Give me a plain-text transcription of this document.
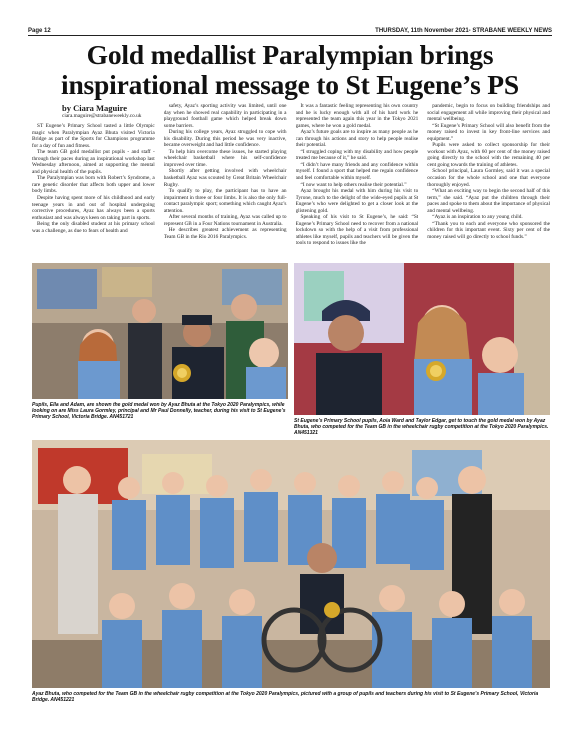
Page 12	THURSDAY, 11th November 2021- STRABANE WEEKLY NEWS
Gold medallist Paralympian brings
inspirational message to St Eugene’s PS
by Ciara Maguire
ciara.maguire@strabaneweekly.co.uk

ST Eugene’s Primary School tasted a little Olympic magic when Paralympian Ayaz Bhuta visited Victoria Bridge as part of the Sports for Champions programme for a day of fun and fitness.

The team GB gold medallist put pupils - and staff - through their paces during an inspirational workshop last Wednesday afternoon, aimed at supporting the mental and physical health of the pupils.

The Paralympian was born with Robert’s Syndrome, a rare genetic disorder that affects both upper and lower body limbs.

Despite having spent more of his childhood and early teenage years in and out of hospital undergoing corrective procedures, Ayaz has always been a sports enthusiast and was always keen on taking part in sports.

Being the only disabled student at his primary school was a challenge, as due to fears of health and

safety, Ayaz’s sporting activity was limited, until one day when he showed real capability in participating in a playground football game which helped break down some barriers.

During his college years, Ayaz struggled to cope with his disability. During this period he was very inactive, became overweight and had little confidence.

To help him overcome these issues, he started playing wheelchair basketball where his self-confidence improved over time.

Shortly after getting involved with wheelchair basketball Ayaz was scouted by Great Britain Wheelchair Rugby.

To qualify to play, the participant has to have an impairment in three or four limbs. It is also the only full-contact paralympic sport; something which caught Ayaz’s attention.

After several months of training, Ayaz was called up to represent GB in a Four Nations tournament in Australia.

He describes greatest achievement as representing Team GB in the Rio 2016 Paralympics.

It was a fantastic feeling representing his own country and he is lucky enough with all of his hard work he represented the team again this year in the Tokyo 2021 games, where he won a gold medal.

Ayaz’s future goals are to inspire as many people as he can through his actions and story to help people realise their potential.

“I struggled coping with my disability and how people treated me because of it,” he said.

“I didn’t have many friends and any confidence within myself. I found a sport that helped me regain confidence and feel comfortable within myself.

“I now want to help others realise their potential.”

Ayaz brought his medal with him during his visit to Tyrone, much to the delight of the wide-eyed pupils at St Eugene’s who were delighted to get a closer look at the glistening gold.

Speaking of his visit to St Eugene’s, he said: “St Eugene’s Primary School need to recover from a national lockdown so with the help of a visit from professional athletes like myself, pupils and teachers will be given the tools to respond to issues like the

pandemic, begin to focus on building friendships and social engagement all while improving their physical and mental wellbeing.

“St Eugene’s Primary School will also benefit from the money raised to invest in key front-line services and equipment.”

Pupils were asked to collect sponsorship for their workout with Ayaz, with 60 per cent of the money raised going directly to the school with the remaining 40 per cent going towards the training of athletes.

School principal, Laura Gormley, said it was a special occasion for the whole school and one that everyone thoroughly enjoyed.

“What an exciting way to begin the second half of this term,” she said. “Ayaz put the children through their paces and spoke to them about the importance of physical and mental wellbeing.

“Ayaz is an inspiration to any young child.

“Thank you to each and everyone who sponsored the children for this important event. Sixty per cent of the money raised will go directly to school funds.”

Pupils, Ella and Adam, are shown the gold medal won by Ayaz Bhuta at the Tokyo 2020 Paralympics, while looking on are Miss Laura Gormley, principal and Mr Paul Donnelly, teacher, during his visit to St Eugene’s Primary School, Victoria Bridge. AN451721
St Eugene’s Primary School pupils, Aoia Ward and Taylor Edgar, get to touch the gold medal won by Ayaz Bhuta, who competed for the Team GB in the wheelchair rugby competition at the Tokyo 2020 Paralympics. AN451321
Ayaz Bhuta, who competed for the Team GB in the wheelchair rugby competition at the Tokyo 2020 Paralympics, pictured with a group of pupils and teachers during his visit to St Eugene’s Primary School, Victoria Bridge. AN451221
